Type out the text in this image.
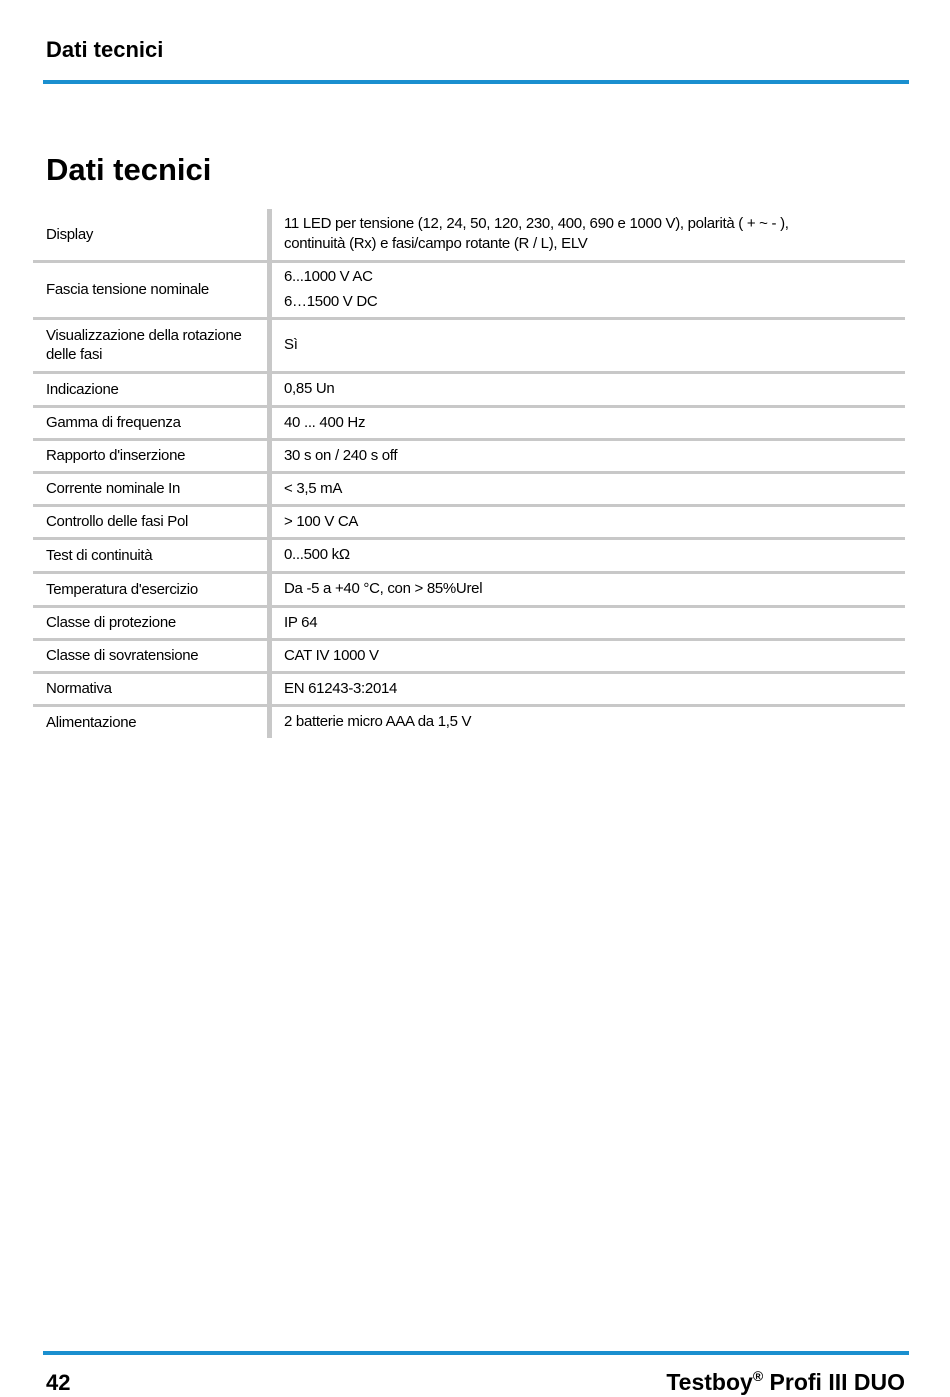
Dati tecnici
Dati tecnici
Display	11 LED per tensione (12, 24, 50, 120, 230, 400, 690 e 1000 V), polarità ( + ~ - ),
continuità (Rx) e fasi/campo rotante (R / L), ELV

Fascia tensione nominale	6...1000 V AC
6…1500 V DC

Visualizzazione della rotazione delle fasi	Sì
Indicazione	0,85 Un
Gamma di frequenza	40 ... 400 Hz
Rapporto d'inserzione	30 s on / 240 s off
Corrente nominale In	< 3,5 mA
Controllo delle fasi Pol	> 100 V CA
Test di continuità	0...500 kΩ
Temperatura d'esercizio	Da -5 a +40 °C, con > 85%Urel
Classe di protezione	IP 64
Classe di sovratensione	CAT IV 1000 V
Normativa	EN 61243-3:2014
Alimentazione	2 batterie micro AAA da 1,5 V
42	Testboy® Profi III DUO
